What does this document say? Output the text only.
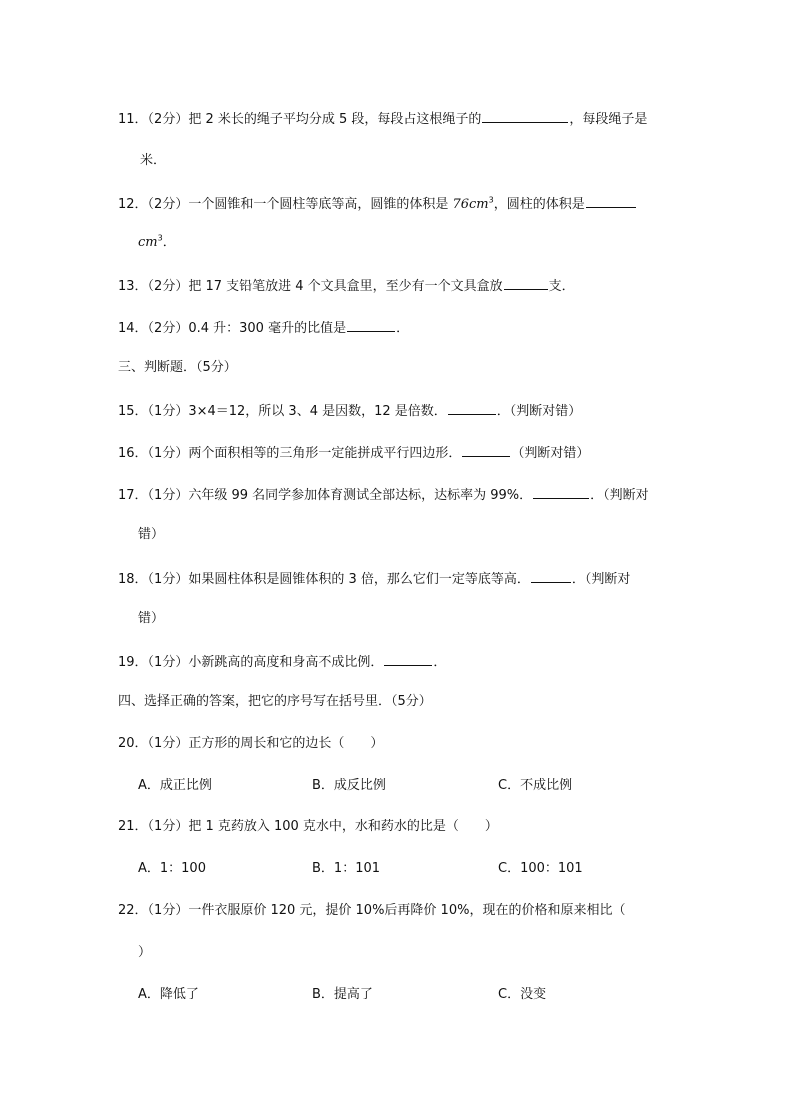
11．（2分）把 2 米长的绳子平均分成 5 段，每段占这根绳子的	，每段绳子是
米．
12．（2分）一个圆锥和一个圆柱等底等高，圆锥的体积是 $76cm^3$，圆柱的体积是
$cm^3$．
13．（2分）把 17 支铅笔放进 4 个文具盒里，至少有一个文具盒放	支．
14．（2分）0.4 升：300 毫升的比值是	．
三、判断题．（5分）
15．（1分）3×4＝12，所以 3、4 是因数，12 是倍数．	．（判断对错）
16．（1分）两个面积相等的三角形一定能拼成平行四边形．	（判断对错）
17．（1分）六年级 99 名同学参加体育测试全部达标，达标率为 99%．	．（判断对
错）
18．（1分）如果圆柱体积是圆锥体积的 3 倍，那么它们一定等底等高．	．（判断对
错）
19．（1分）小新跳高的高度和身高不成比例．	．
四、选择正确的答案，把它的序号写在括号里．（5分）
20．（1分）正方形的周长和它的边长（　　）
A．成正比例	B．成反比例	C．不成比例
21．（1分）把 1 克药放入 100 克水中，水和药水的比是（　　）
A．1：100	B．1：101	C．100：101
22．（1分）一件衣服原价 120 元，提价 10%后再降价 10%，现在的价格和原来相比（
）
A．降低了	B．提高了	C．没变
